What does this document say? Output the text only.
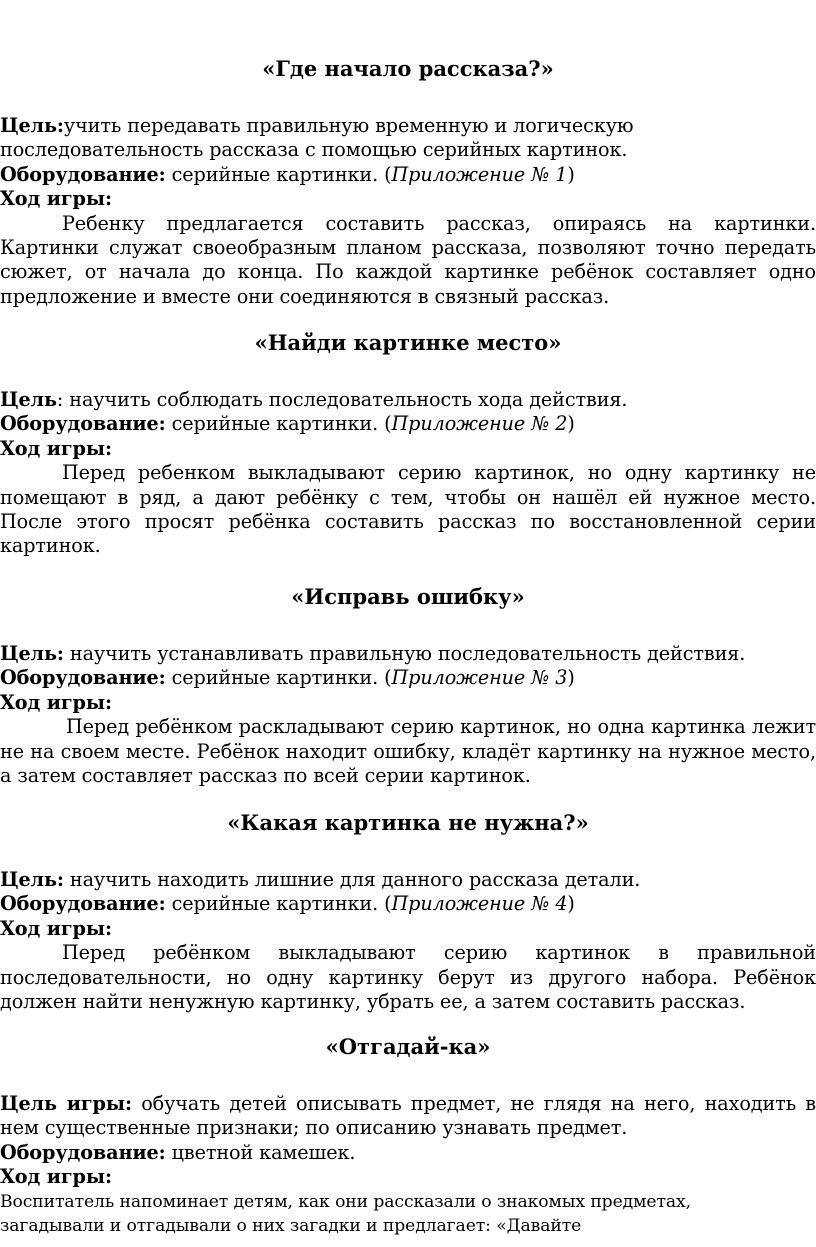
«Где начало рассказа?»

Цель:учить передавать правильную временную и логическую последовательность рассказа с помощью серийных картинок.

Оборудование: серийные картинки. (Приложение № 1)

Ход игры:

Ребенку предлагается составить рассказ, опираясь на картинки. Картинки служат своеобразным планом рассказа, позволяют точно передать сюжет, от начала до конца. По каждой картинке ребёнок составляет одно предложение и вместе они соединяются в связный рассказ.

«Найди картинке место»

Цель: научить соблюдать последовательность хода действия.

Оборудование: серийные картинки. (Приложение № 2)

Ход игры:

Перед ребенком выкладывают серию картинок, но одну картинку не помещают в ряд, а дают ребёнку с тем, чтобы он нашёл ей нужное место. После этого просят ребёнка составить рассказ по восстановленной серии картинок.

«Исправь ошибку»

Цель: научить устанавливать правильную последовательность действия.

Оборудование: серийные картинки. (Приложение № 3)

Ход игры:

Перед ребёнком раскладывают серию картинок, но одна картинка лежит не на своем месте. Ребёнок находит ошибку, кладёт картинку на нужное место, а затем составляет рассказ по всей серии картинок.

«Какая картинка не нужна?»

Цель: научить находить лишние для данного рассказа детали.

Оборудование: серийные картинки. (Приложение № 4)

Ход игры:

Перед ребёнком выкладывают серию картинок в правильной последовательности, но одну картинку берут из другого набора. Ребёнок должен найти ненужную картинку, убрать ее, а затем составить рассказ.

«Отгадай-ка»

Цель игры: обучать детей описывать предмет, не глядя на него, находить в нем существенные признаки; по описанию узнавать предмет.

Оборудование: цветной камешек.

Ход игры:

Воспитатель напоминает детям, как они рассказали о знакомых предметах, загадывали и отгадывали о них загадки и предлагает: «Давайте
